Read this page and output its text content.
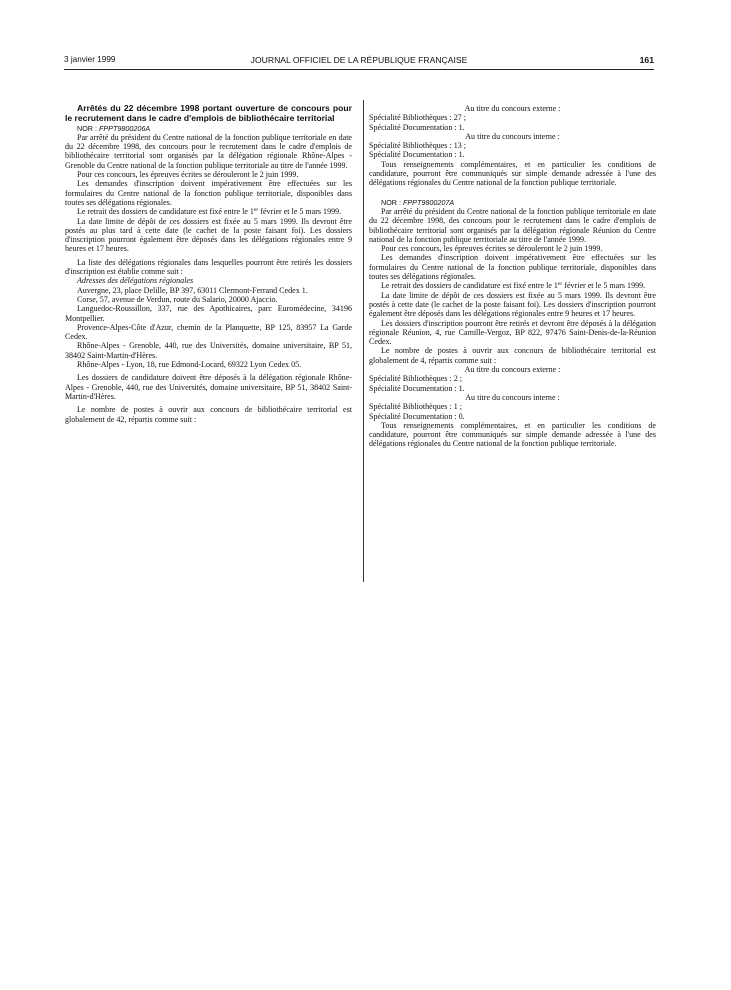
3 janvier 1999	JOURNAL OFFICIEL DE LA RÉPUBLIQUE FRANÇAISE	161

Arrêtés du 22 décembre 1998 portant ouverture de concours pour le recrutement dans le cadre d'emplois de bibliothécaire territorial

NOR : FPPT9800206A

Par arrêté du président du Centre national de la fonction publique territoriale en date du 22 décembre 1998, des concours pour le recrutement dans le cadre d'emplois de bibliothécaire territorial sont organisés par la délégation régionale Rhône-Alpes - Grenoble du Centre national de la fonction publique territoriale au titre de l'année 1999.

Pour ces concours, les épreuves écrites se dérouleront le 2 juin 1999.

Les demandes d'inscription doivent impérativement être effectuées sur les formulaires du Centre national de la fonction publique territoriale, disponibles dans toutes ses délégations régionales.

Le retrait des dossiers de candidature est fixé entre le 1er février et le 5 mars 1999.

La date limite de dépôt de ces dossiers est fixée au 5 mars 1999. Ils devront être postés au plus tard à cette date (le cachet de la poste faisant foi). Les dossiers d'inscription pourront également être déposés dans les délégations régionales entre 9 heures et 17 heures.

La liste des délégations régionales dans lesquelles pourront être retirés les dossiers d'inscription est établie comme suit :

Adresses des délégations régionales

Auvergne, 23, place Delille, BP 397, 63011 Clermont-Ferrand Cedex 1.

Corse, 57, avenue de Verdun, route du Salario, 20000 Ajaccio.

Languedoc-Roussillon, 337, rue des Apothicaires, parc Euromédecine, 34196 Montpellier.

Provence-Alpes-Côte d'Azur, chemin de la Planquette, BP 125, 83957 La Garde Cedex.

Rhône-Alpes - Grenoble, 440, rue des Universités, domaine universitaire, BP 51, 38402 Saint-Martin-d'Hères.

Rhône-Alpes - Lyon, 18, rue Edmond-Locard, 69322 Lyon Cedex 05.

Les dossiers de candidature doivent être déposés à la délégation régionale Rhône-Alpes - Grenoble, 440, rue des Universités, domaine universitaire, BP 51, 38402 Saint-Martin-d'Hères.

Le nombre de postes à ouvrir aux concours de bibliothécaire territorial est globalement de 42, répartis comme suit :

Au titre du concours externe :

Spécialité Bibliothèques : 27 ;

Spécialité Documentation : 1.

Au titre du concours interne :

Spécialité Bibliothèques : 13 ;

Spécialité Documentation : 1.

Tous renseignements complémentaires, et en particulier les conditions de candidature, pourront être communiqués sur simple demande adressée à l'une des délégations régionales du Centre national de la fonction publique territoriale.

NOR : FPPT9800207A

Par arrêté du président du Centre national de la fonction publique territoriale en date du 22 décembre 1998, des concours pour le recrutement dans le cadre d'emplois de bibliothécaire territorial sont organisés par la délégation régionale Réunion du Centre national de la fonction publique territoriale au titre de l'année 1999.

Pour ces concours, les épreuves écrites se dérouleront le 2 juin 1999.

Les demandes d'inscription doivent impérativement être effectuées sur les formulaires du Centre national de la fonction publique territoriale, disponibles dans toutes ses délégations régionales.

Le retrait des dossiers de candidature est fixé entre le 1er février et le 5 mars 1999.

La date limite de dépôt de ces dossiers est fixée au 5 mars 1999. Ils devront être postés à cette date (le cachet de la poste faisant foi). Les dossiers d'inscription pourront également être déposés dans les délégations régionales entre 9 heures et 17 heures.

Les dossiers d'inscription pourront être retirés et devront être déposés à la délégation régionale Réunion, 4, rue Camille-Vergoz, BP 822, 97476 Saint-Denis-de-la-Réunion Cedex.

Le nombre de postes à ouvrir aux concours de bibliothécaire territorial est globalement de 4, répartis comme suit :

Au titre du concours externe :

Spécialité Bibliothèques : 2 ;

Spécialité Documentation : 1.

Au titre du concours interne :

Spécialité Bibliothèques : 1 ;

Spécialité Documentation : 0.

Tous renseignements complémentaires, et en particulier les conditions de candidature, pourront être communiqués sur simple demande adressée à l'une des délégations régionales du Centre national de la fonction publique territoriale.
